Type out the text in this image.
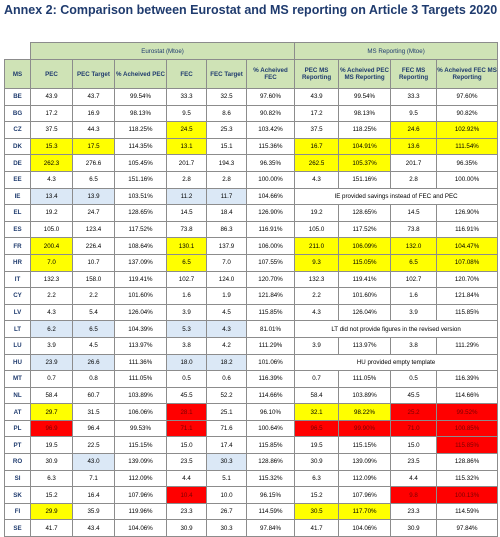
Annex 2: Comparison between Eurostat and MS reporting on Article 3 Targets 2020
	Eurostat (Mtoe)						MS Reporting (Mtoe)			
MS	PEC	PEC Target	% Acheived PEC	FEC	FEC Target	% Acheived FEC	PEC MS Reporting	% Acheived PEC MS Reporting	FEC MS Reporting	% Acheived FEC MS Reporting
BE	43.9	43.7	99.54%	33.3	32.5	97.60%	43.9	99.54%	33.3	97.60%
BG	17.2	16.9	98.13%	9.5	8.6	90.82%	17.2	98.13%	9.5	90.82%
CZ	37.5	44.3	118.25%	24.5	25.3	103.42%	37.5	118.25%	24.6	102.92%
DK	15.3	17.5	114.35%	13.1	15.1	115.36%	16.7	104.91%	13.6	111.54%
DE	262.3	276.6	105.45%	201.7	194.3	96.35%	262.5	105.37%	201.7	96.35%
EE	4.3	6.5	151.16%	2.8	2.8	100.00%	4.3	151.16%	2.8	100.00%
IE	13.4	13.9	103.51%	11.2	11.7	104.66%	IE provided savings instead of FEC and PEC			
EL	19.2	24.7	128.65%	14.5	18.4	126.90%	19.2	128.65%	14.5	126.90%
ES	105.0	123.4	117.52%	73.8	86.3	116.91%	105.0	117.52%	73.8	116.91%
FR	200.4	226.4	108.64%	130.1	137.9	106.00%	211.0	106.09%	132.0	104.47%
HR	7.0	10.7	137.09%	6.5	7.0	107.55%	9.3	115.05%	6.5	107.08%
IT	132.3	158.0	119.41%	102.7	124.0	120.70%	132.3	119.41%	102.7	120.70%
CY	2.2	2.2	101.60%	1.6	1.9	121.84%	2.2	101.60%	1.6	121.84%
LV	4.3	5.4	126.04%	3.9	4.5	115.85%	4.3	126.04%	3.9	115.85%
LT	6.2	6.5	104.39%	5.3	4.3	81.01%	LT did not provide figures in the revised version			
LU	3.9	4.5	113.97%	3.8	4.2	111.29%	3.9	113.97%	3.8	111.29%
HU	23.9	26.6	111.36%	18.0	18.2	101.06%	HU provided empty template			
MT	0.7	0.8	111.05%	0.5	0.6	116.39%	0.7	111.05%	0.5	116.39%
NL	58.4	60.7	103.89%	45.5	52.2	114.66%	58.4	103.89%	45.5	114.66%
AT	29.7	31.5	106.06%	28.1	25.1	96.10%	32.1	98.22%	25.2	99.52%
PL	96.9	96.4	99.53%	71.1	71.6	100.64%	96.5	99.90%	71.0	100.85%
PT	19.5	22.5	115.15%	15.0	17.4	115.85%	19.5	115.15%	15.0	115.85%
RO	30.9	43.0	139.09%	23.5	30.3	128.86%	30.9	139.09%	23.5	128.86%
SI	6.3	7.1	112.09%	4.4	5.1	115.32%	6.3	112.09%	4.4	115.32%
SK	15.2	16.4	107.96%	10.4	10.0	96.15%	15.2	107.96%	9.8	100.13%
FI	29.9	35.9	119.96%	23.3	26.7	114.59%	30.5	117.70%	23.3	114.59%
SE	41.7	43.4	104.06%	30.9	30.3	97.84%	41.7	104.06%	30.9	97.84%
